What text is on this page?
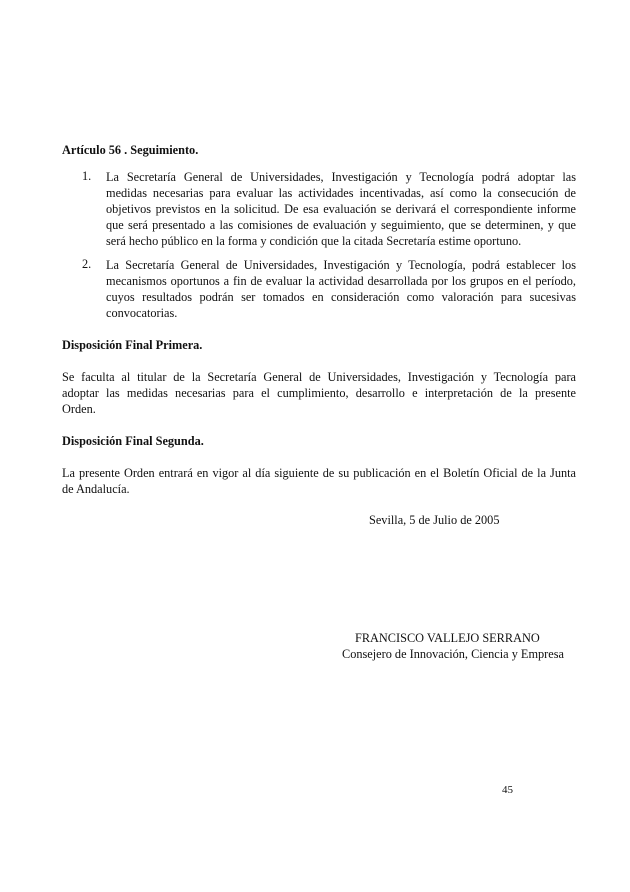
Artículo 56 . Seguimiento.
1. La Secretaría General de Universidades, Investigación y Tecnología podrá adoptar las
medidas necesarias para evaluar las actividades incentivadas, así como la consecución de
objetivos previstos en la solicitud. De esa evaluación se derivará el correspondiente informe
que será presentado a las comisiones de evaluación y seguimiento, que se determinen, y que
será hecho público en la forma y condición que la citada Secretaría estime oportuno.
2. La Secretaría General de Universidades, Investigación y Tecnología, podrá establecer los
mecanismos oportunos a fin de evaluar la actividad desarrollada por los grupos en el período,
cuyos resultados podrán ser tomados en consideración como valoración para sucesivas
convocatorias.
Disposición Final Primera.
Se faculta al titular de la Secretaría General de Universidades, Investigación y Tecnología para
adoptar las medidas necesarias para el cumplimiento, desarrollo e interpretación de la presente
Orden.
Disposición Final Segunda.
La presente Orden entrará en vigor al día siguiente de su publicación en el Boletín Oficial de la Junta
de Andalucía.
Sevilla, 5 de Julio de 2005
FRANCISCO VALLEJO SERRANO
Consejero de Innovación, Ciencia y Empresa
45
